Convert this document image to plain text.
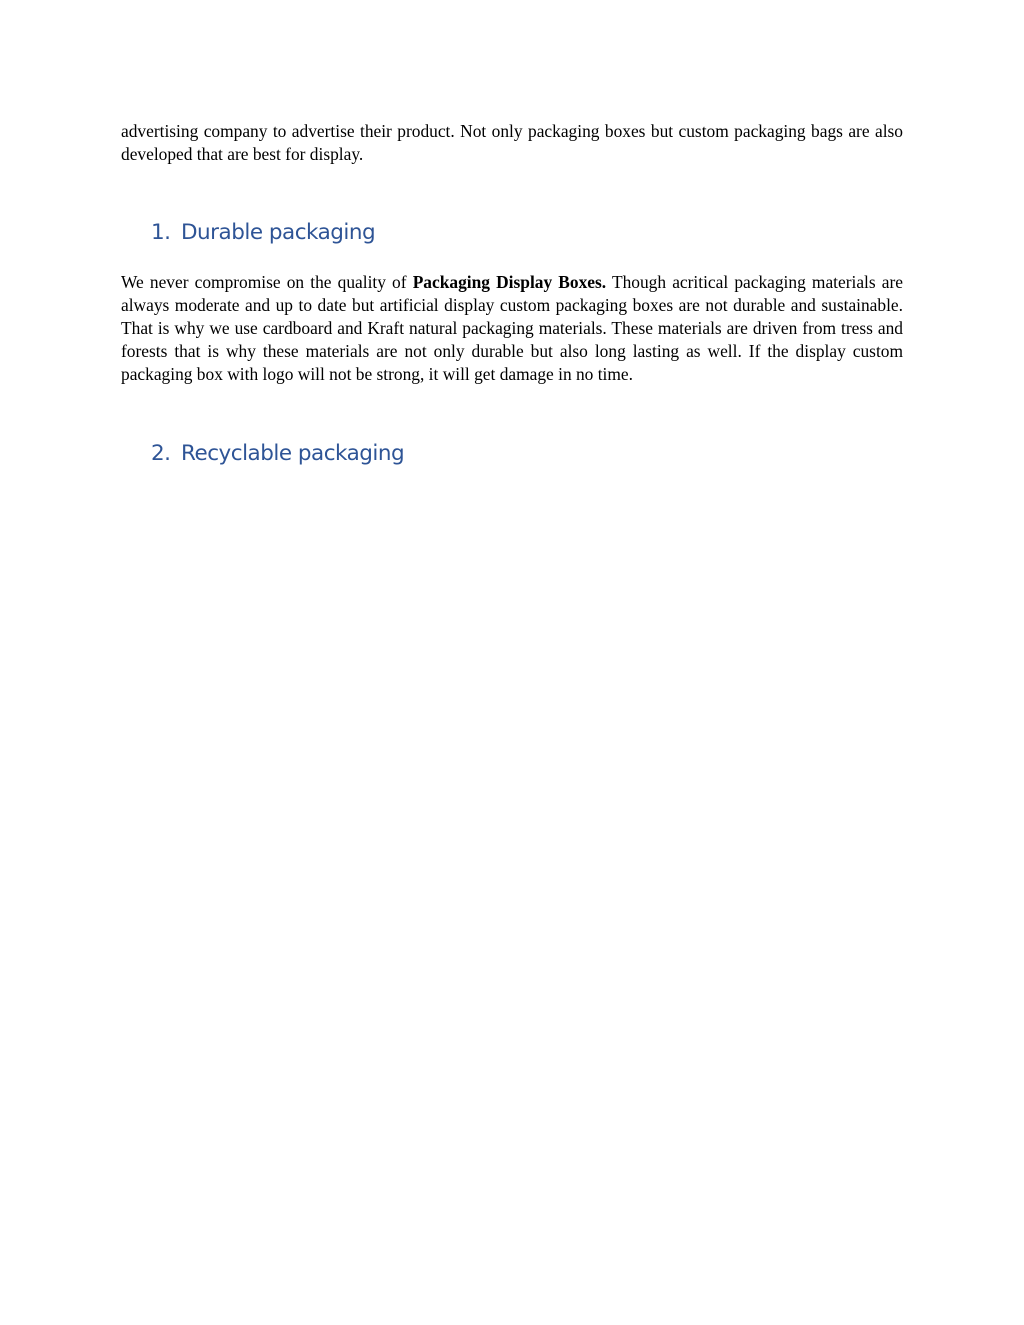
advertising company to advertise their product. Not only packaging boxes but custom packaging bags are also developed that are best for display.

1. Durable packaging

We never compromise on the quality of Packaging Display Boxes. Though acritical packaging materials are always moderate and up to date but artificial display custom packaging boxes are not durable and sustainable. That is why we use cardboard and Kraft natural packaging materials. These materials are driven from tress and forests that is why these materials are not only durable but also long lasting as well. If the display custom packaging box with logo will not be strong, it will get damage in no time.

2. Recyclable packaging
